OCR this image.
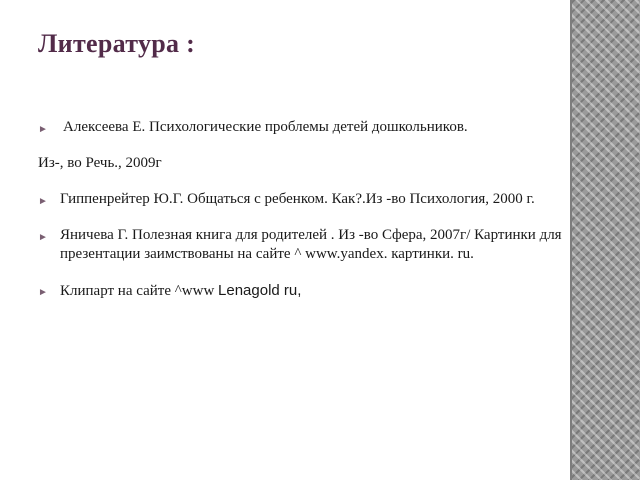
Литература :
► Алексеева Е. Психологические проблемы детей дошкольников.
Из-, во Речь., 2009г
► Гиппенрейтер Ю.Г. Общаться с ребенком. Как?.Из -во Психология, 2000 г.
► Яничева Г. Полезная книга для родителей . Из -во Сфера, 2007г/ Картинки для презентации заимствованы на сайте ^ www.yandex. картинки. ru.
► Клипарт на сайте ^www Lenagold ru,
